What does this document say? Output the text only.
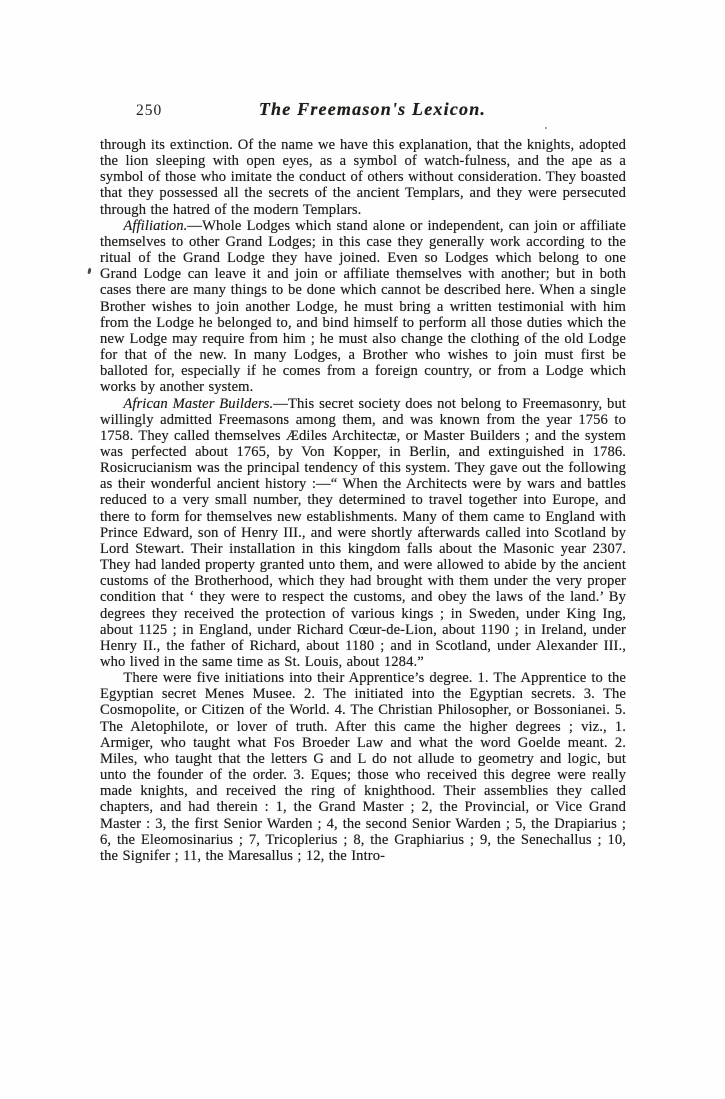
250	The Freemason's Lexicon.

through its extinction. Of the name we have this explanation, that the knights, adopted the lion sleeping with open eyes, as a symbol of watch-fulness, and the ape as a symbol of those who imitate the conduct of others without consideration. They boasted that they possessed all the secrets of the ancient Templars, and they were persecuted through the hatred of the modern Templars.

Affiliation.—Whole Lodges which stand alone or independent, can join or affiliate themselves to other Grand Lodges; in this case they generally work according to the ritual of the Grand Lodge they have joined. Even so Lodges which belong to one Grand Lodge can leave it and join or affiliate themselves with another; but in both cases there are many things to be done which cannot be described here. When a single Brother wishes to join another Lodge, he must bring a written testimonial with him from the Lodge he belonged to, and bind himself to perform all those duties which the new Lodge may require from him ; he must also change the clothing of the old Lodge for that of the new. In many Lodges, a Brother who wishes to join must first be balloted for, especially if he comes from a foreign country, or from a Lodge which works by another system.

African Master Builders.—This secret society does not belong to Freemasonry, but willingly admitted Freemasons among them, and was known from the year 1756 to 1758. They called themselves Ædiles Architectæ, or Master Builders ; and the system was perfected about 1765, by Von Kopper, in Berlin, and extinguished in 1786. Rosicrucianism was the principal tendency of this system. They gave out the following as their wonderful ancient history :—“ When the Architects were by wars and battles reduced to a very small number, they determined to travel together into Europe, and there to form for themselves new establishments. Many of them came to England with Prince Edward, son of Henry III., and were shortly afterwards called into Scotland by Lord Stewart. Their installation in this kingdom falls about the Masonic year 2307. They had landed property granted unto them, and were allowed to abide by the ancient customs of the Brotherhood, which they had brought with them under the very proper condition that ‘ they were to respect the customs, and obey the laws of the land.’ By degrees they received the protection of various kings ; in Sweden, under King Ing, about 1125 ; in England, under Richard Cœur-de-Lion, about 1190 ; in Ireland, under Henry II., the father of Richard, about 1180 ; and in Scotland, under Alexander III., who lived in the same time as St. Louis, about 1284.”

There were five initiations into their Apprentice’s degree. 1. The Apprentice to the Egyptian secret Menes Musee. 2. The initiated into the Egyptian secrets. 3. The Cosmopolite, or Citizen of the World. 4. The Christian Philosopher, or Bossonianei. 5. The Aletophilote, or lover of truth. After this came the higher degrees ; viz., 1. Armiger, who taught what Fos Broeder Law and what the word Goelde meant. 2. Miles, who taught that the letters G and L do not allude to geometry and logic, but unto the founder of the order. 3. Eques; those who received this degree were really made knights, and received the ring of knighthood. Their assemblies they called chapters, and had therein : 1, the Grand Master ; 2, the Provincial, or Vice Grand Master : 3, the first Senior Warden ; 4, the second Senior Warden ; 5, the Drapiarius ; 6, the Eleomosinarius ; 7, Tricoplerius ; 8, the Graphiarius ; 9, the Senechallus ; 10, the Signifer ; 11, the Maresallus ; 12, the Intro-
